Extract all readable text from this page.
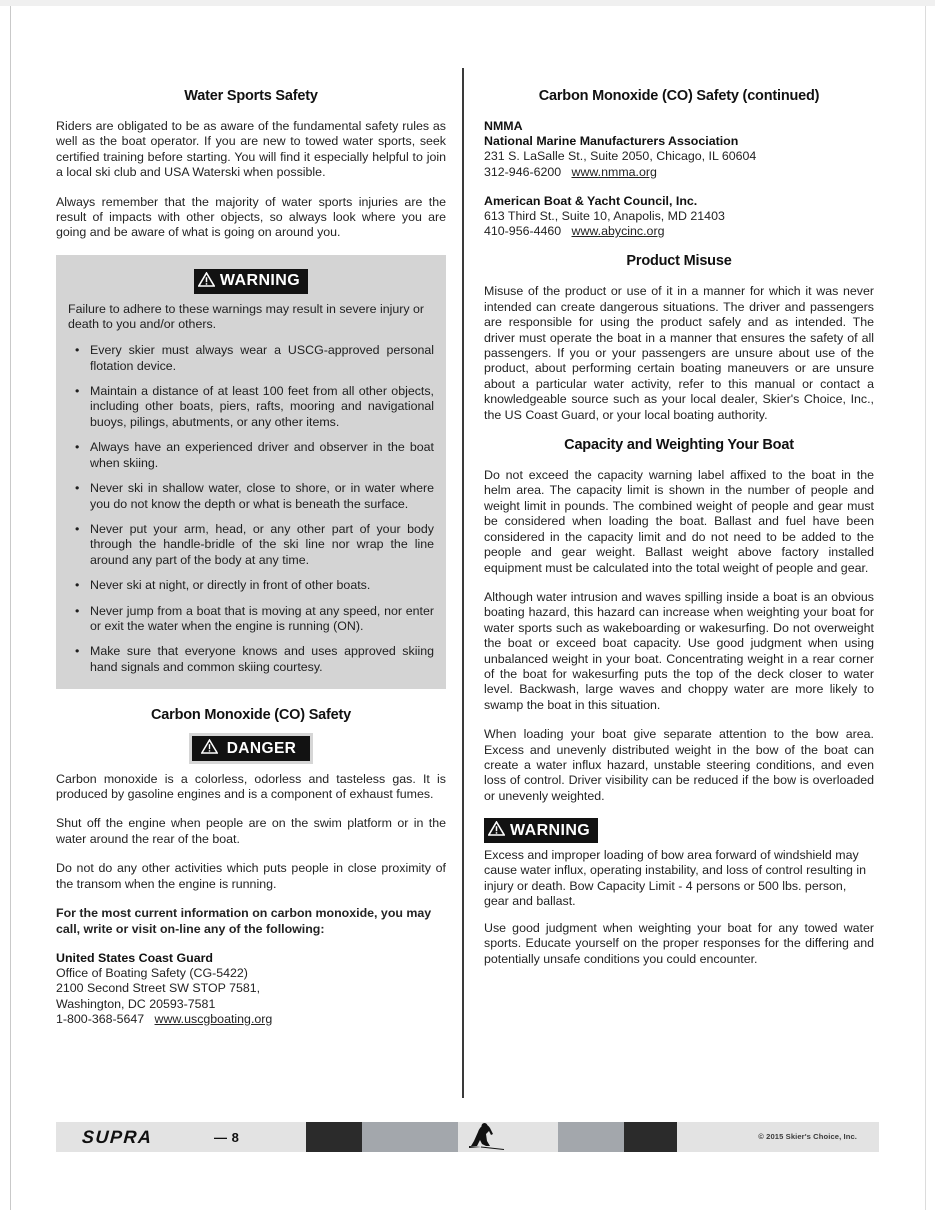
Water Sports Safety

Riders are obligated to be as aware of the fundamental safety rules as well as the boat operator. If you are new to towed water sports, seek certified training before starting. You will find it especially helpful to join a local ski club and USA Waterski when possible.

Always remember that the majority of water sports injuries are the result of impacts with other objects, so always look where you are going and be aware of what is going on around you.

WARNING

Failure to adhere to these warnings may result in severe injury or death to you and/or others.

• Every skier must always wear a USCG-approved personal flotation device.
• Maintain a distance of at least 100 feet from all other objects, including other boats, piers, rafts, mooring and navigational buoys, pilings, abutments, or any other items.
• Always have an experienced driver and observer in the boat when skiing.
• Never ski in shallow water, close to shore, or in water where you do not know the depth or what is beneath the surface.
• Never put your arm, head, or any other part of your body through the handle-bridle of the ski line nor wrap the line around any part of the body at any time.
• Never ski at night, or directly in front of other boats.
• Never jump from a boat that is moving at any speed, nor enter or exit the water when the engine is running (ON).
• Make sure that everyone knows and uses approved skiing hand signals and common skiing courtesy.
Carbon Monoxide (CO) Safety
DANGER

Carbon monoxide is a colorless, odorless and tasteless gas. It is produced by gasoline engines and is a component of exhaust fumes.

Shut off the engine when people are on the swim platform or in the water around the rear of the boat.

Do not do any other activities which puts people in close proximity of the transom when the engine is running.

For the most current information on carbon monoxide, you may call, write or visit on-line any of the following:

United States Coast Guard
Office of Boating Safety (CG-5422)
2100 Second Street SW STOP 7581,
Washington, DC 20593-7581
1-800-368-5647 www.uscgboating.org
Carbon Monoxide (CO) Safety (continued)
NMMA
National Marine Manufacturers Association
231 S. LaSalle St., Suite 2050, Chicago, IL 60604
312-946-6200 www.nmma.org
American Boat & Yacht Council, Inc.
613 Third St., Suite 10, Anapolis, MD 21403
410-956-4460 www.abycinc.org
Product Misuse

Misuse of the product or use of it in a manner for which it was never intended can create dangerous situations. The driver and passengers are responsible for using the product safely and as intended. The driver must operate the boat in a manner that ensures the safety of all passengers. If you or your passengers are unsure about use of the product, about performing certain boating maneuvers or are unsure about a particular water activity, refer to this manual or contact a knowledgeable source such as your local dealer, Skier's Choice, Inc., the US Coast Guard, or your local boating authority.

Capacity and Weighting Your Boat

Do not exceed the capacity warning label affixed to the boat in the helm area. The capacity limit is shown in the number of people and weight limit in pounds. The combined weight of people and gear must be considered when loading the boat. Ballast and fuel have been considered in the capacity limit and do not need to be added to the people and gear weight. Ballast weight above factory installed equipment must be calculated into the total weight of people and gear.

Although water intrusion and waves spilling inside a boat is an obvious boating hazard, this hazard can increase when weighting your boat for water sports such as wakeboarding or wakesurfing. Do not overweight the boat or exceed boat capacity. Use good judgment when using unbalanced weight in your boat. Concentrating weight in a rear corner of the boat for wakesurfing puts the top of the deck closer to water level. Backwash, large waves and choppy water are more likely to swamp the boat in this situation.

When loading your boat give separate attention to the bow area. Excess and unevenly distributed weight in the bow of the boat can create a water influx hazard, unstable steering conditions, and even loss of control. Driver visibility can be reduced if the bow is overloaded or unevenly weighted.

WARNING

Excess and improper loading of bow area forward of windshield may cause water influx, operating instability, and loss of control resulting in injury or death. Bow Capacity Limit - 4 persons or 500 lbs. person, gear and ballast.

Use good judgment when weighting your boat for any towed water sports. Educate yourself on the proper responses for the differing and potentially unsafe conditions you could encounter.

SUPRA	— 8	© 2015 Skier's Choice, Inc.
